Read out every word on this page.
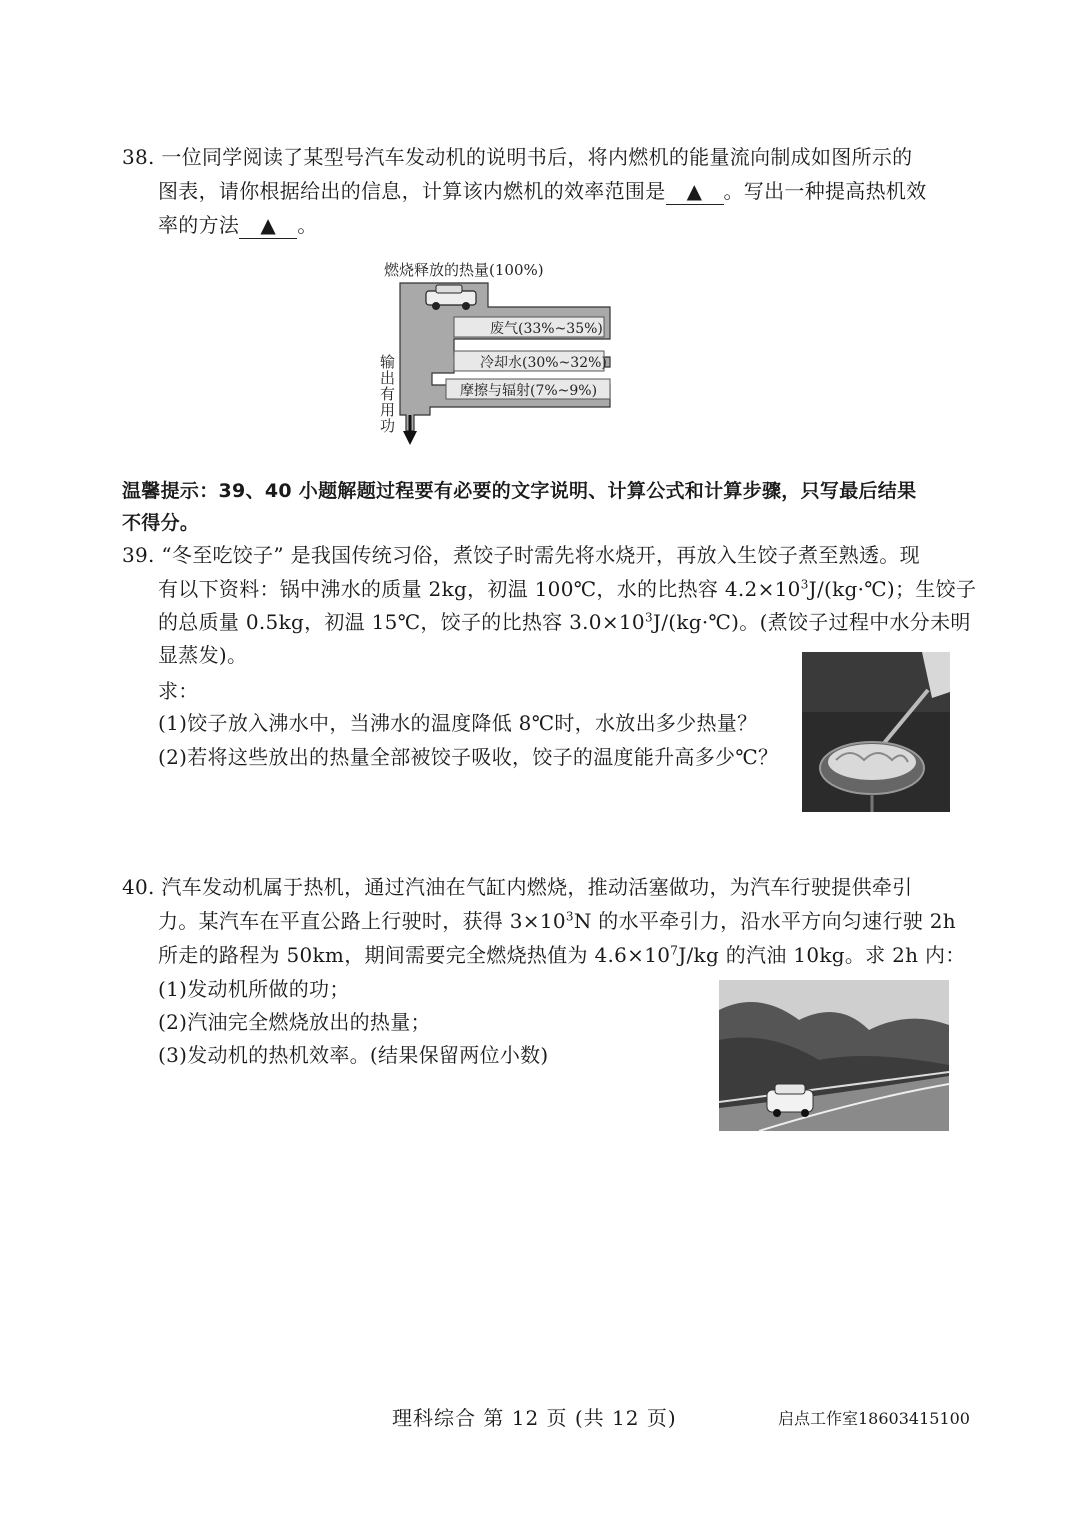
38. 一位同学阅读了某型号汽车发动机的说明书后，将内燃机的能量流向制成如图所示的
图表，请你根据给出的信息，计算该内燃机的效率范围是 ▲ 。写出一种提高热机效
率的方法 ▲ 。
燃烧释放的热量(100%)
废气(33%~35%)
冷却水(30%~32%)
摩擦与辐射(7%~9%)
输
出
有
用
功
温馨提示：39、40 小题解题过程要有必要的文字说明、计算公式和计算步骤，只写最后结果
不得分。
39. “冬至吃饺子” 是我国传统习俗，煮饺子时需先将水烧开，再放入生饺子煮至熟透。现
有以下资料：锅中沸水的质量 2kg，初温 100℃，水的比热容 $4.2\times 10^3J/(kg\cdot℃)$；生饺子
的总质量 0.5kg，初温 15℃，饺子的比热容 $3.0\times 10^3J/(kg\cdot℃)$。(煮饺子过程中水分未明
显蒸发)。
求：
(1)饺子放入沸水中，当沸水的温度降低 8℃时，水放出多少热量？
(2)若将这些放出的热量全部被饺子吸收，饺子的温度能升高多少℃？
40. 汽车发动机属于热机，通过汽油在气缸内燃烧，推动活塞做功，为汽车行驶提供牵引
力。某汽车在平直公路上行驶时，获得 $3\times 10^3N$ 的水平牵引力，沿水平方向匀速行驶 2h
所走的路程为 50km，期间需要完全燃烧热值为 $4.6\times 10^7J/kg$ 的汽油 10kg。求 2h 内：
(1)发动机所做的功；
(2)汽油完全燃烧放出的热量；
(3)发动机的热机效率。(结果保留两位小数)
理科综合 第 12 页 (共 12 页)	启点工作室18603415100
